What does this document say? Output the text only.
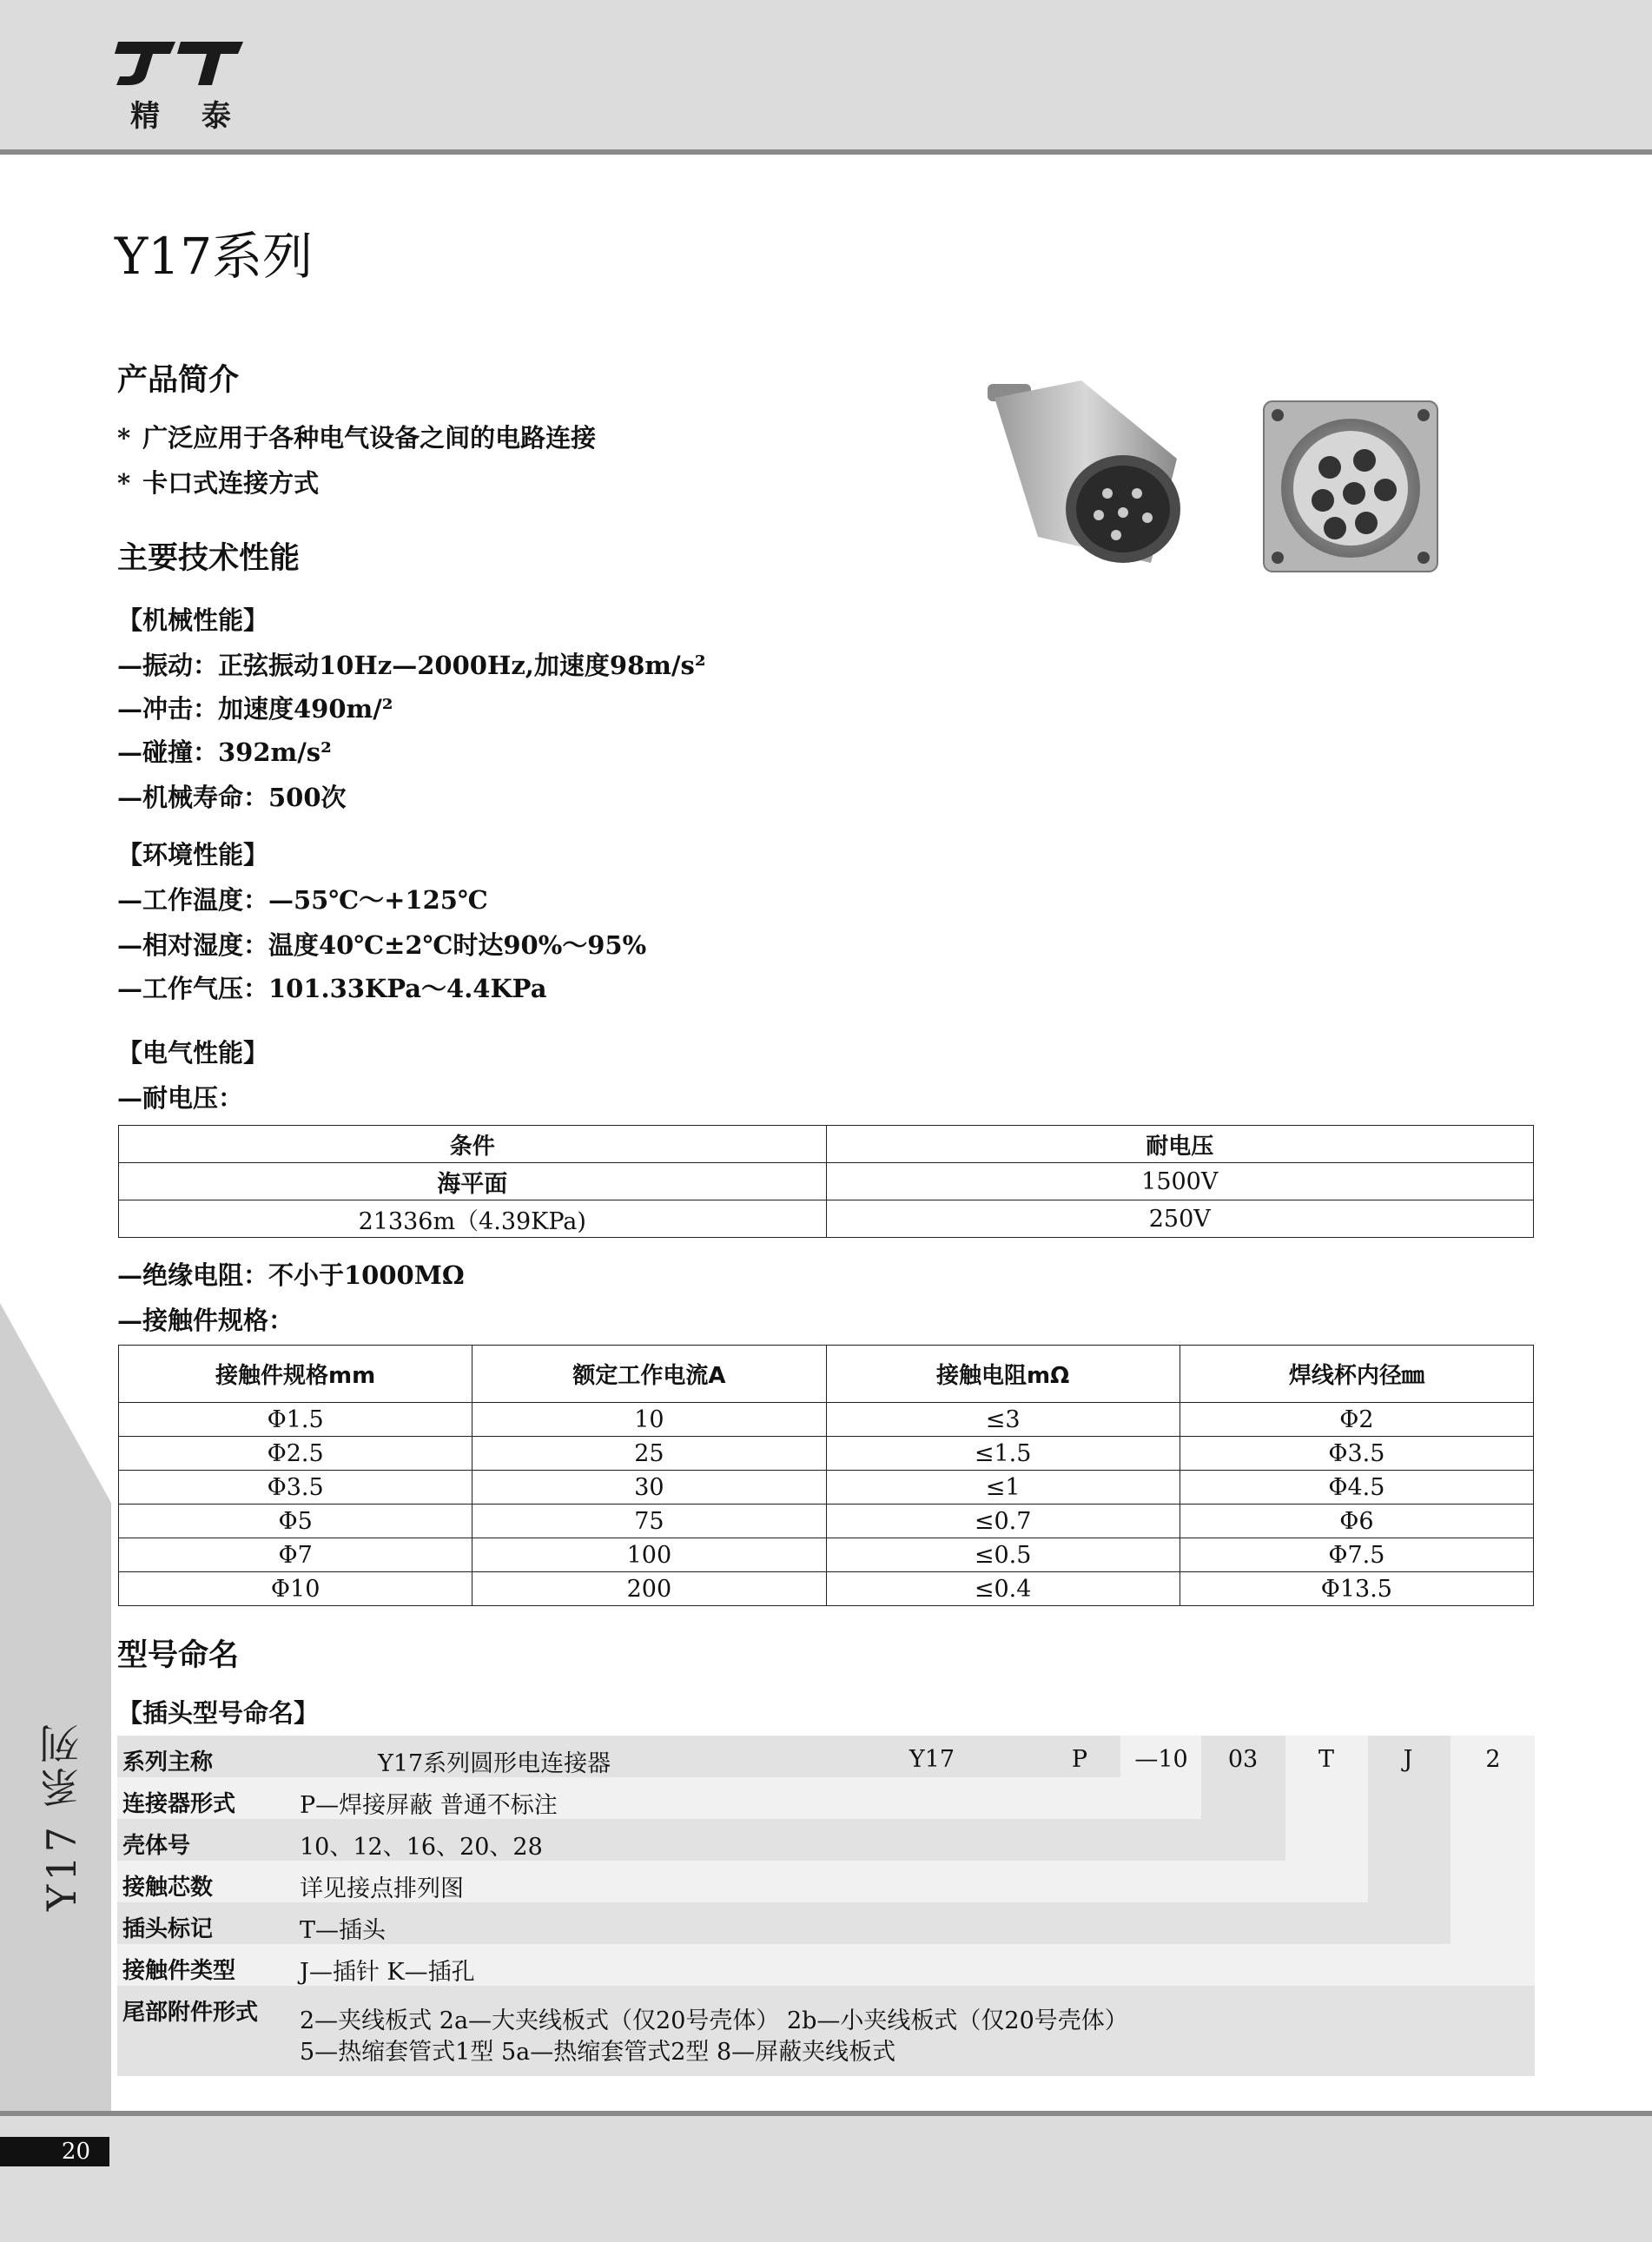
精 泰
Y17 系列
Y17系列
产品简介
* 广泛应用于各种电气设备之间的电路连接
* 卡口式连接方式
主要技术性能
【机械性能】
—振动：正弦振动10Hz—2000Hz,加速度98m/s²
—冲击：加速度490m/²
—碰撞：392m/s²
—机械寿命：500次
【环境性能】
—工作温度：—55℃～+125℃
—相对湿度：温度40℃±2℃时达90%～95%
—工作气压：101.33KPa～4.4KPa
【电气性能】
—耐电压：
条件	耐电压
海平面	1500V
21336m（4.39KPa)	250V
—绝缘电阻：不小于1000MΩ
—接触件规格：
接触件规格mm	额定工作电流A	接触电阻mΩ	焊线杯内径㎜
Φ1.5	10	≤3	Φ2
Φ2.5	25	≤1.5	Φ3.5
Φ3.5	30	≤1	Φ4.5
Φ5	75	≤0.7	Φ6
Φ7	100	≤0.5	Φ7.5
Φ10	200	≤0.4	Φ13.5
型号命名
【插头型号命名】
系列主称	Y17系列圆形电连接器
连接器形式	P—焊接屏蔽 普通不标注
壳体号	10、12、16、20、28
接触芯数	详见接点排列图
插头标记	T—插头
接触件类型	J—插针 K—插孔
尾部附件形式 2—夹线板式 2a—大夹线板式（仅20号壳体） 2b—小夹线板式（仅20号壳体）
5—热缩套管式1型 5a—热缩套管式2型 8—屏蔽夹线板式
Y17	P	—10	03	T	J	2
20
